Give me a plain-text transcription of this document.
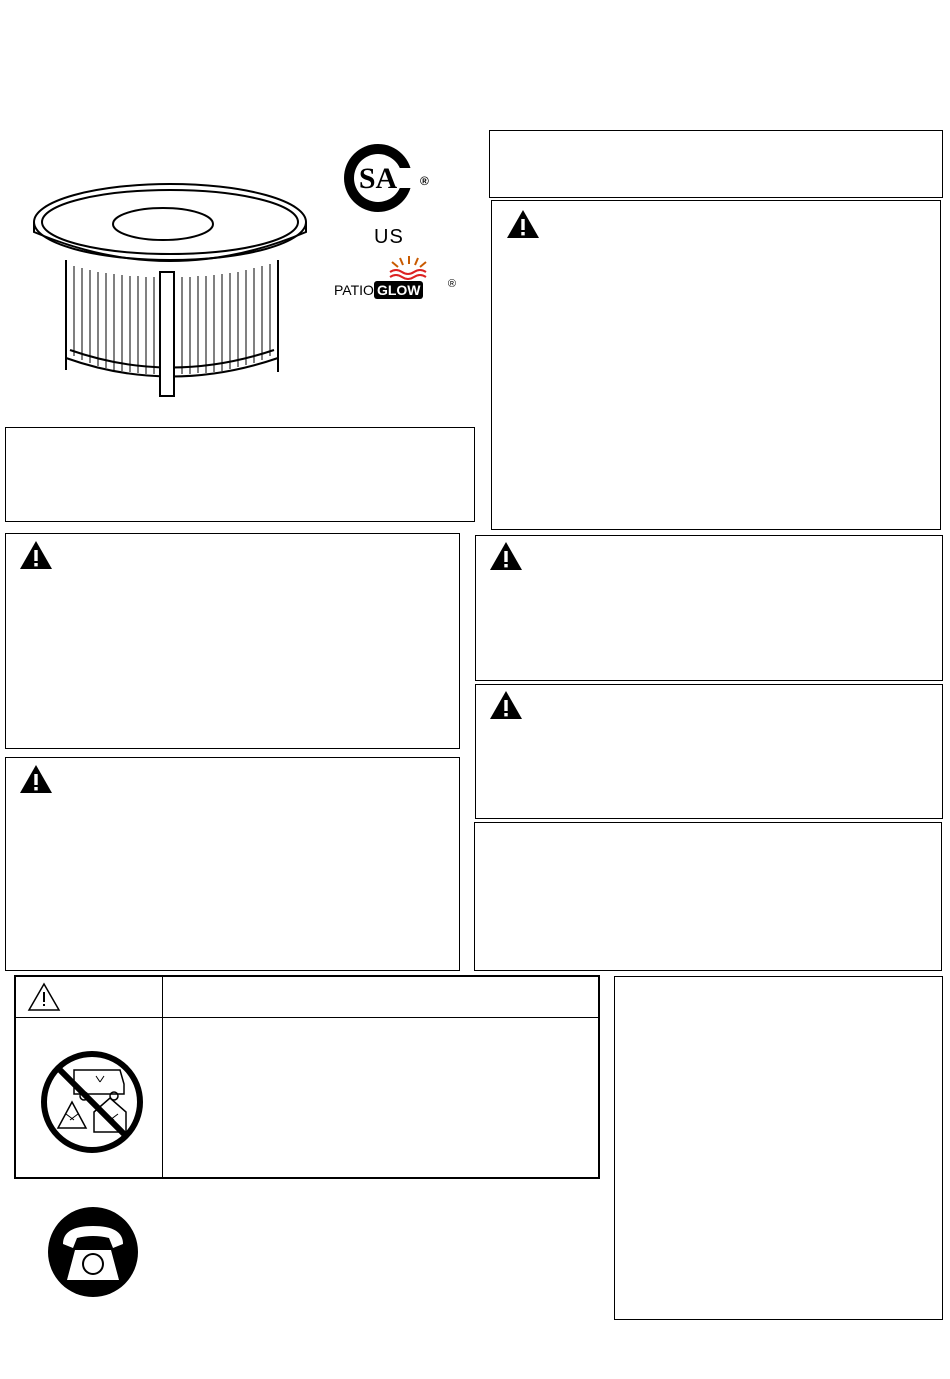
SA ®
US
PATIO GLOW ®
